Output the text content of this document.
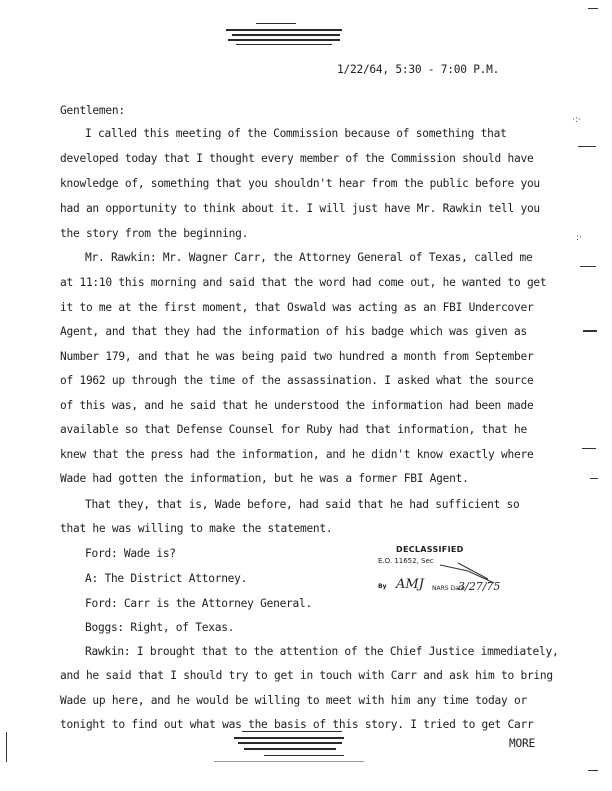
1/22/64, 5:30 - 7:00 P.M.
Gentlemen:
I called this meeting of the Commission because of something that
developed today that I thought every member of the Commission should have
knowledge of, something that you shouldn't hear from the public before you
had an opportunity to think about it. I will just have Mr. Rawkin tell you
the story from the beginning.
Mr. Rawkin: Mr. Wagner Carr, the Attorney General of Texas, called me
at 11:10 this morning and said that the word had come out, he wanted to get
it to me at the first moment, that Oswald was acting as an FBI Undercover
Agent, and that they had the information of his badge which was given as
Number 179, and that he was being paid two hundred a month from September
of 1962 up through the time of the assassination. I asked what the source
of this was, and he said that he understood the information had been made
available so that Defense Counsel for Ruby had that information, that he
knew that the press had the information, and he didn't know exactly where
Wade had gotten the information, but he was a former FBI Agent.
That they, that is, Wade before, had said that he had sufficient so
that he was willing to make the statement.
Ford: Wade is?
A: The District Attorney.
Ford: Carr is the Attorney General.
Boggs: Right, of Texas.
Rawkin: I brought that to the attention of the Chief Justice immediately,
and he said that I should try to get in touch with Carr and ask him to bring
Wade up here, and he would be willing to meet with him any time today or
tonight to find out what was the basis of this story. I tried to get Carr
MORE
DECLASSIFIED
E.O. 11652, Sec
By AMJ NARS Date
3/27/75
·:·
:·
